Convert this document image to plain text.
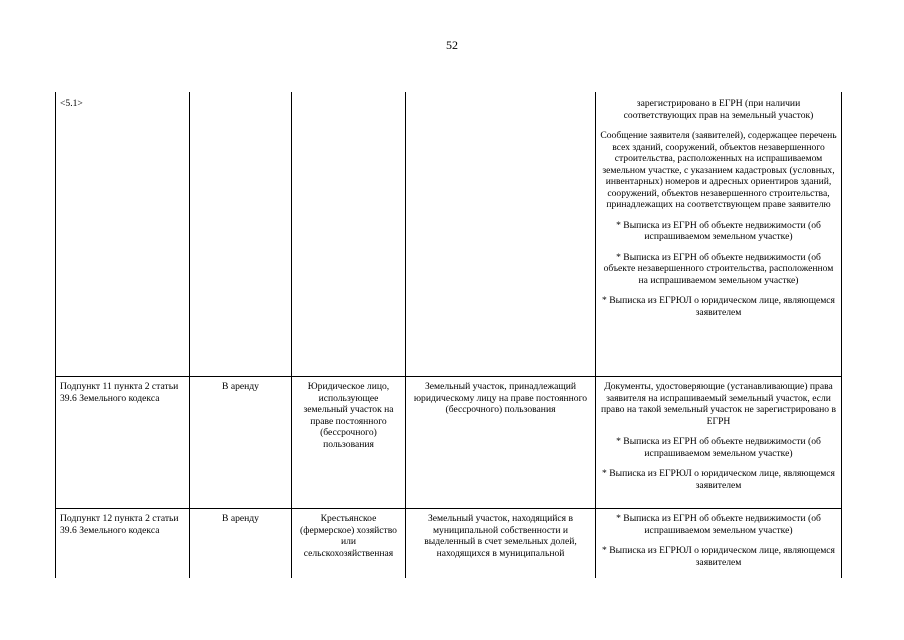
52
<5.1>				зарегистрировано в ЕГРН (при наличии соответствующих прав на земельный участок)

Сообщение заявителя (заявителей), содержащее перечень всех зданий, сооружений, объектов незавершенного строительства, расположенных на испрашиваемом земельном участке, с указанием кадастровых (условных, инвентарных) номеров и адресных ориентиров зданий, сооружений, объектов незавершенного строительства, принадлежащих на соответствующем праве заявителю

* Выписка из ЕГРН об объекте недвижимости (об испрашиваемом земельном участке)

* Выписка из ЕГРН об объекте недвижимости (об объекте незавершенного строительства, расположенном на испрашиваемом земельном участке)

* Выписка из ЕГРЮЛ о юридическом лице, являющемся заявителем

Подпункт 11 пункта 2 статьи 39.6 Земельного кодекса	В аренду	Юридическое лицо, использующее земельный участок на праве постоянного (бессрочного) пользования	Земельный участок, принадлежащий юридическому лицу на праве постоянного (бессрочного) пользования	Документы, удостоверяющие (устанавливающие) права заявителя на испрашиваемый земельный участок, если право на такой земельный участок не зарегистрировано в ЕГРН

* Выписка из ЕГРН об объекте недвижимости (об испрашиваемом земельном участке)

* Выписка из ЕГРЮЛ о юридическом лице, являющемся заявителем

Подпункт 12 пункта 2 статьи 39.6 Земельного кодекса	В аренду	Крестьянское (фермерское) хозяйство или сельскохозяйственная	Земельный участок, находящийся в муниципальной собственности и выделенный в счет земельных долей, находящихся в муниципальной	* Выписка из ЕГРН об объекте недвижимости (об испрашиваемом земельном участке)

* Выписка из ЕГРЮЛ о юридическом лице, являющемся заявителем
